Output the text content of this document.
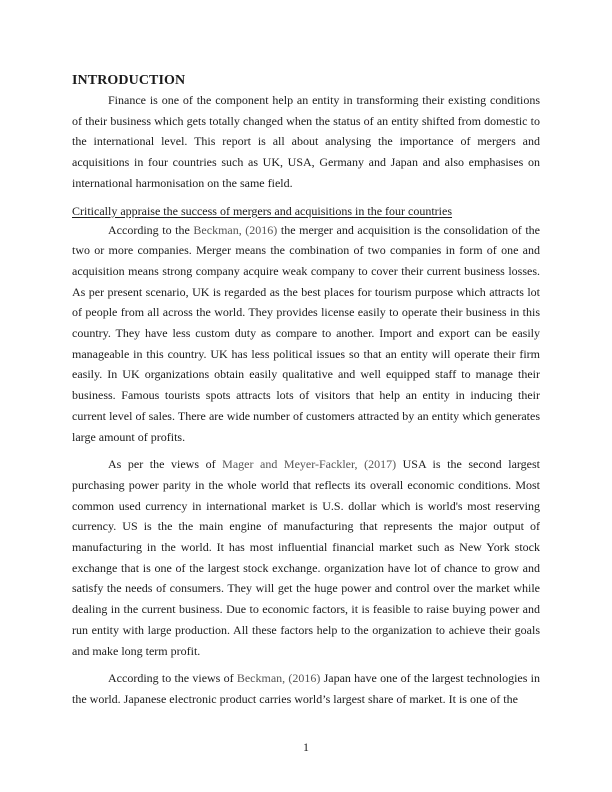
INTRODUCTION

Finance is one of the component help an entity in transforming their existing conditions of their business which gets totally changed when the status of an entity shifted from domestic to the international level. This report is all about analysing the importance of mergers and acquisitions in four countries such as UK, USA, Germany and Japan and also emphasises on international harmonisation on the same field.

Critically appraise the success of mergers and acquisitions in the four countries

According to the Beckman, (2016) the merger and acquisition is the consolidation of the two or more companies. Merger means the combination of two companies in form of one and acquisition means strong company acquire weak company to cover their current business losses. As per present scenario, UK is regarded as the best places for tourism purpose which attracts lot of people from all across the world. They provides license easily to operate their business in this country. They have less custom duty as compare to another. Import and export can be easily manageable in this country. UK has less political issues so that an entity will operate their firm easily. In UK organizations obtain easily qualitative and well equipped staff to manage their business. Famous tourists spots attracts lots of visitors that help an entity in inducing their current level of sales. There are wide number of customers attracted by an entity which generates large amount of profits.

As per the views of Mager and Meyer-Fackler, (2017) USA is the second largest purchasing power parity in the whole world that reflects its overall economic conditions. Most common used currency in international market is U.S. dollar which is world's most reserving currency. US is the the main engine of manufacturing that represents the major output of manufacturing in the world. It has most influential financial market such as New York stock exchange that is one of the largest stock exchange. organization have lot of chance to grow and satisfy the needs of consumers. They will get the huge power and control over the market while dealing in the current business. Due to economic factors, it is feasible to raise buying power and run entity with large production. All these factors help to the organization to achieve their goals and make long term profit.

According to the views of Beckman, (2016) Japan have one of the largest technologies in the world. Japanese electronic product carries world’s largest share of market. It is one of the

1
